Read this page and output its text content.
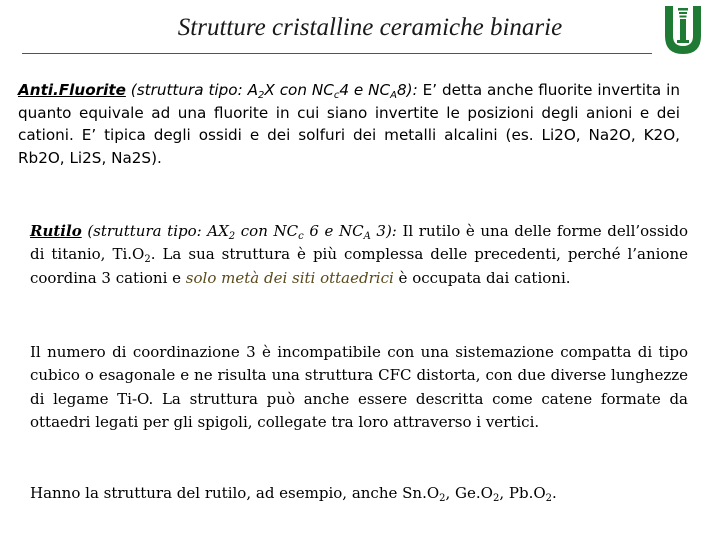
Strutture cristalline ceramiche binarie
Anti.Fluorite (struttura tipo: $A_2X$ con $NC_c4$ e $NC_A8$): E’ detta anche fluorite invertita in quanto equivale ad una fluorite in cui siano invertite le posizioni degli anioni e dei cationi. E’ tipica degli ossidi e dei solfuri dei metalli alcalini (es. Li2O, Na2O, K2O, Rb2O, Li2S, Na2S).
Rutilo (struttura tipo: $AX_2$ con $NC_c$ 6 e $NC_A$ 3): Il rutilo è una delle forme dell’ossido di titanio, $Ti.O_2$. La sua struttura è più complessa delle precedenti, perché l’anione coordina 3 cationi e solo metà dei siti ottaedrici è occupata dai cationi.
Il numero di coordinazione 3 è incompatibile con una sistemazione compatta di tipo cubico o esagonale e ne risulta una struttura CFC distorta, con due diverse lunghezze di legame Ti-O. La struttura può anche essere descritta come catene formate da ottaedri legati per gli spigoli, collegate tra loro attraverso i vertici.
Hanno la struttura del rutilo, ad esempio, anche $Sn.O_2$, $Ge.O_2$, $Pb.O_2$.
